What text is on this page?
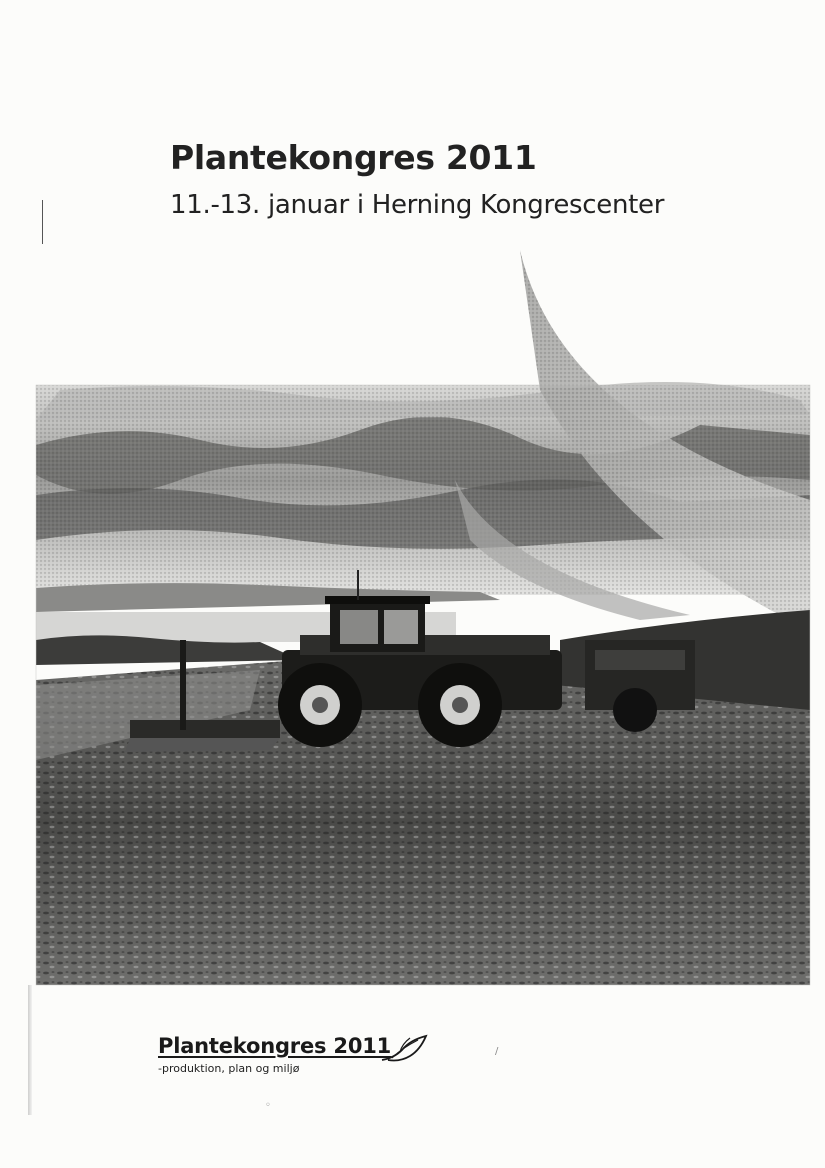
Plantekongres 2011
11.-13. januar i Herning Kongrescenter
Plantekongres 2011
-produktion, plan og miljø
/
◦
